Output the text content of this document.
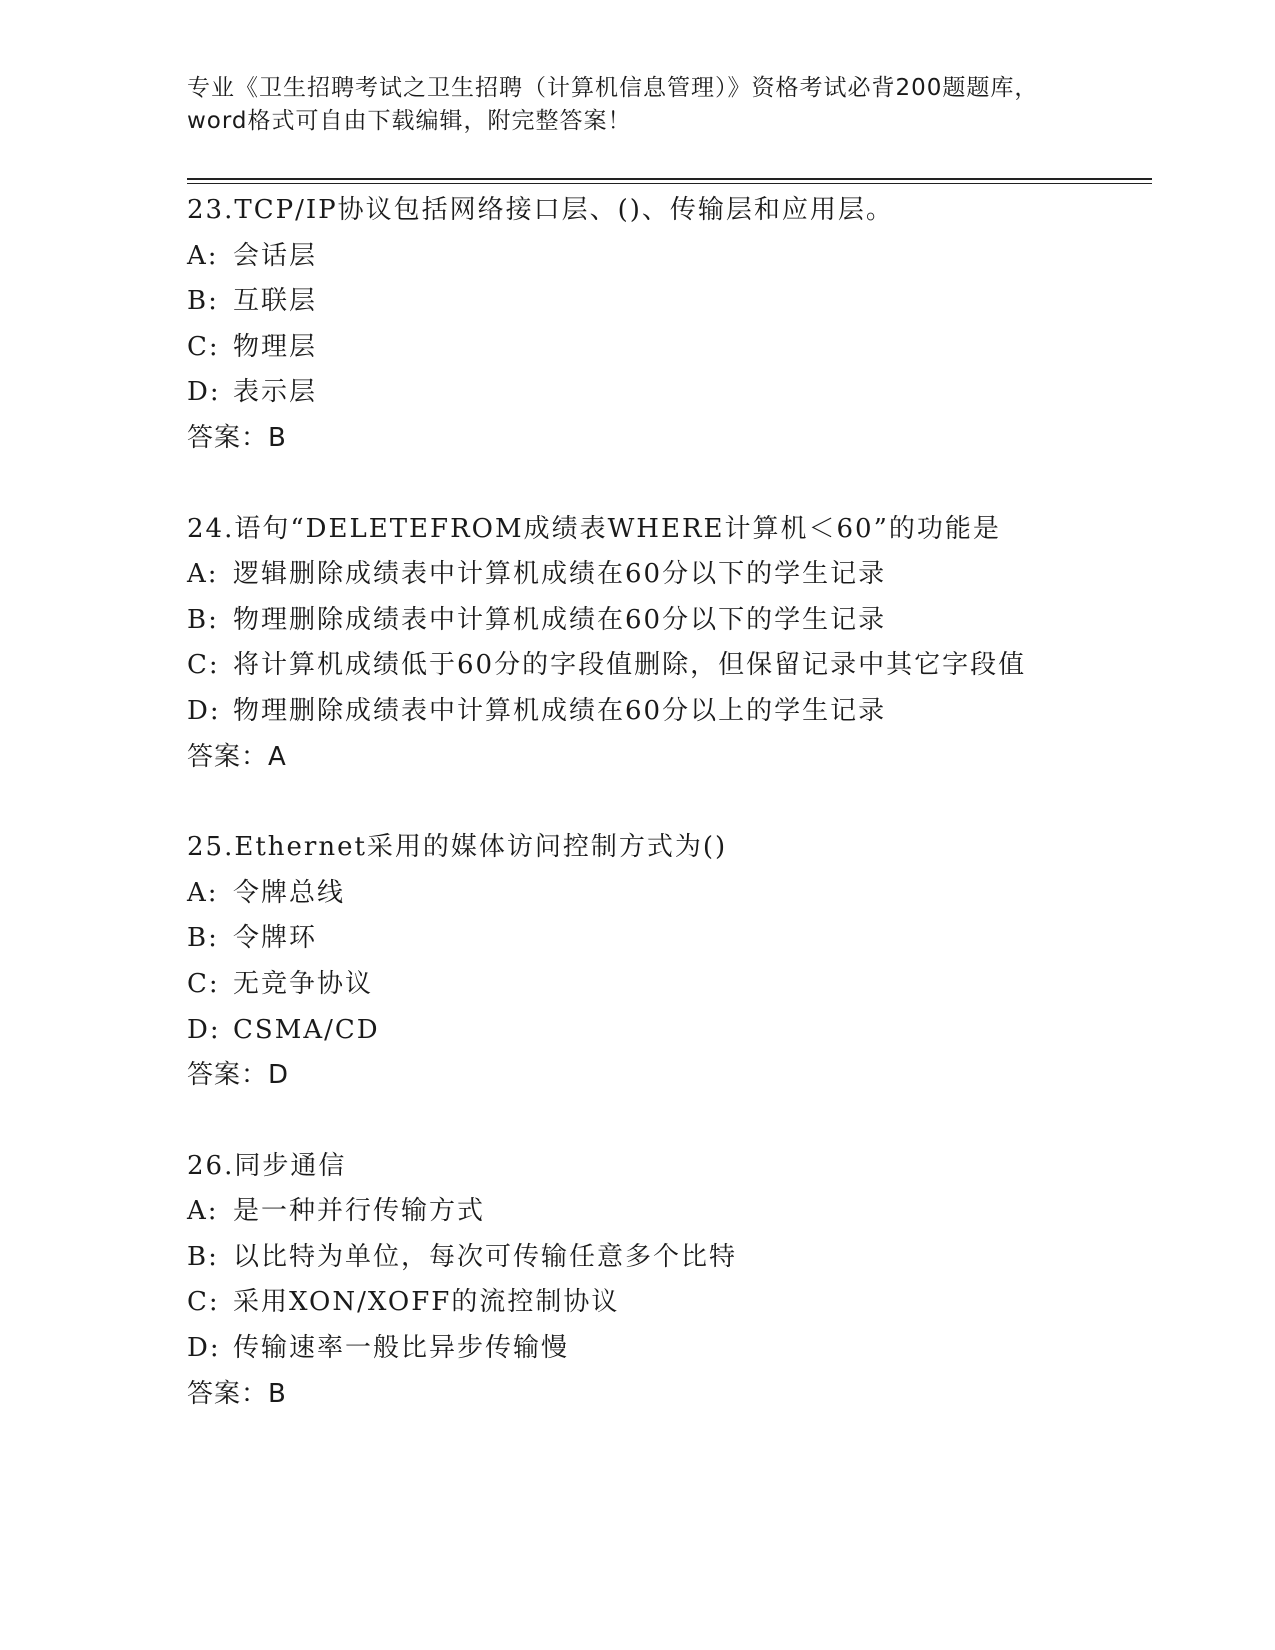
专业《卫生招聘考试之卫生招聘（计算机信息管理）》资格考试必背200题题库，
word格式可自由下载编辑，附完整答案！
23.TCP/IP协议包括网络接口层、()、传输层和应用层。
A: 会话层
B: 互联层
C: 物理层
D: 表示层
答案：B
24.语句“DELETEFROM成绩表WHERE计算机＜60”的功能是
A: 逻辑删除成绩表中计算机成绩在60分以下的学生记录
B: 物理删除成绩表中计算机成绩在60分以下的学生记录
C: 将计算机成绩低于60分的字段值删除，但保留记录中其它字段值
D: 物理删除成绩表中计算机成绩在60分以上的学生记录
答案：A
25.Ethernet采用的媒体访问控制方式为()
A: 令牌总线
B: 令牌环
C: 无竞争协议
D: CSMA/CD
答案：D
26.同步通信
A: 是一种并行传输方式
B: 以比特为单位，每次可传输任意多个比特
C: 采用XON/XOFF的流控制协议
D: 传输速率一般比异步传输慢
答案：B
